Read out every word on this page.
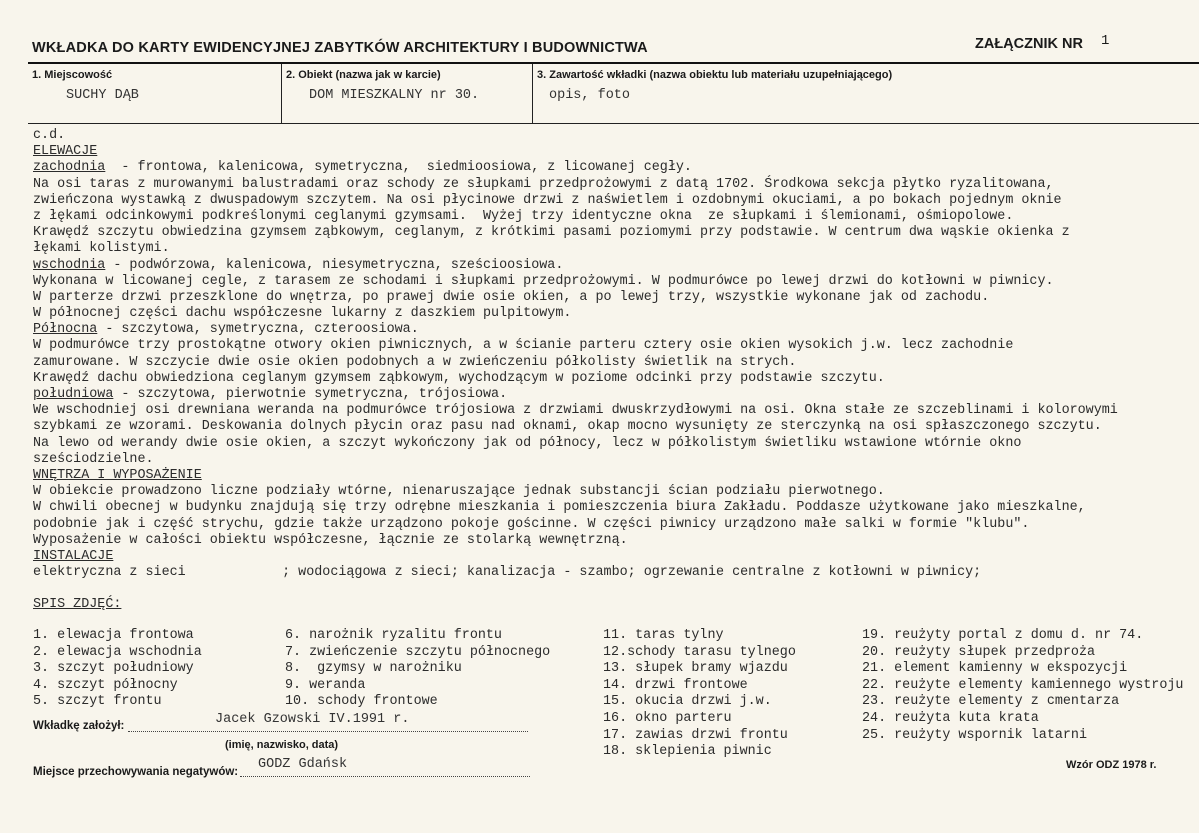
WKŁADKA DO KARTY EWIDENCYJNEJ ZABYTKÓW ARCHITEKTURY I BUDOWNICTWA	ZAŁĄCZNIK NR 1
1. Miejscowość
SUCHY DĄB
2. Obiekt (nazwa jak w karcie)
DOM MIESZKALNY nr 30.
3. Zawartość wkładki (nazwa obiektu lub materiału uzupełniającego)
opis, foto
c.d.
ELEWACJE
zachodnia  - frontowa, kalenicowa, symetryczna,  siedmioosiowa, z licowanej cegły.
Na osi taras z murowanymi balustradami oraz schody ze słupkami przedprożowymi z datą 1702. Środkowa sekcja płytko ryzalitowana,
zwieńczona wystawką z dwuspadowym szczytem. Na osi płycinowe drzwi z naświetlem i ozdobnymi okuciami, a po bokach pojednym oknie
z łękami odcinkowymi podkreślonymi ceglanymi gzymsami.  Wyżej trzy identyczne okna  ze słupkami i ślemionami, ośmiopolowe.
Krawędź szczytu obwiedzina gzymsem ząbkowym, ceglanym, z krótkimi pasami poziomymi przy podstawie. W centrum dwa wąskie okienka z
łękami kolistymi.
wschodnia - podwórzowa, kalenicowa, niesymetryczna, sześcioosiowa.
Wykonana w licowanej cegle, z tarasem ze schodami i słupkami przedprożowymi. W podmurówce po lewej drzwi do kotłowni w piwnicy.
W parterze drzwi przeszklone do wnętrza, po prawej dwie osie okien, a po lewej trzy, wszystkie wykonane jak od zachodu.
W północnej części dachu współczesne lukarny z daszkiem pulpitowym.
Północna - szczytowa, symetryczna, czteroosiowa.
W podmurówce trzy prostokątne otwory okien piwnicznych, a w ścianie parteru cztery osie okien wysokich j.w. lecz zachodnie
zamurowane. W szczycie dwie osie okien podobnych a w zwieńczeniu półkolisty świetlik na strych.
Krawędź dachu obwiedziona ceglanym gzymsem ząbkowym, wychodzącym w poziome odcinki przy podstawie szczytu.
południowa - szczytowa, pierwotnie symetryczna, trójosiowa.
We wschodniej osi drewniana weranda na podmurówce trójosiowa z drzwiami dwuskrzydłowymi na osi. Okna stałe ze szczeblinami i kolorowymi
szybkami ze wzorami. Deskowania dolnych płycin oraz pasu nad oknami, okap mocno wysunięty ze sterczynką na osi spłaszczonego szczytu.
Na lewo od werandy dwie osie okien, a szczyt wykończony jak od północy, lecz w półkolistym świetliku wstawione wtórnie okno
sześciodzielne.
WNĘTRZA I WYPOSAŻENIE
W obiekcie prowadzono liczne podziały wtórne, nienaruszające jednak substancji ścian podziału pierwotnego.
W chwili obecnej w budynku znajdują się trzy odrębne mieszkania i pomieszczenia biura Zakładu. Poddasze użytkowane jako mieszkalne,
podobnie jak i część strychu, gdzie także urządzono pokoje gościnne. W części piwnicy urządzono małe salki w formie "klubu".
Wyposażenie w całości obiektu współczesne, łącznie ze stolarką wewnętrzną.
INSTALACJE
elektryczna z sieci            ; wodociągowa z sieci; kanalizacja - szambo; ogrzewanie centralne z kotłowni w piwnicy;
SPIS ZDJĘĆ:
1. elewacja frontowa
2. elewacja wschodnia
3. szczyt południowy
4. szczyt północny
5. szczyt frontu
6. narożnik ryzalitu frontu
7. zwieńczenie szczytu północnego
8.  gzymsy w narożniku
9. weranda
10. schody frontowe
11. taras tylny
12.schody tarasu tylnego
13. słupek bramy wjazdu
14. drzwi frontowe
15. okucia drzwi j.w.
16. okno parteru
17. zawias drzwi frontu
18. sklepienia piwnic
19. reużyty portal z domu d. nr 74.
20. reużyty słupek przedproża
21. element kamienny w ekspozycji
22. reużyte elementy kamiennego wystroju
23. reużyte elementy z cmentarza
24. reużyta kuta krata
25. reużyty wspornik latarni
Wkładkę założył:	Jacek Gzowski IV.1991 r.
(imię, nazwisko, data)
Miejsce przechowywania negatywów: GODZ Gdańsk	Wzór ODZ 1978 r.
